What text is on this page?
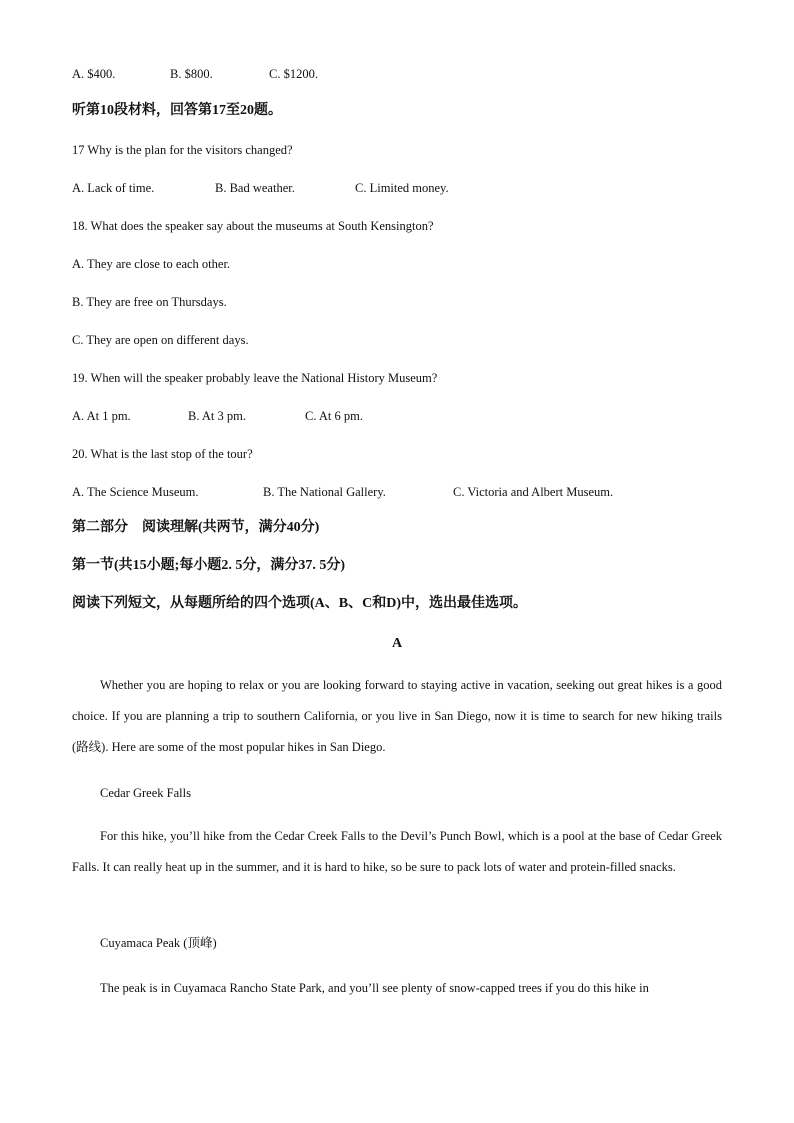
A. $400.	B. $800.	C. $1200.
听第10段材料，回答第17至20题。
17 Why is the plan for the visitors changed?
A. Lack of time.	B. Bad weather.	C. Limited money.
18. What does the speaker say about the museums at South Kensington?
A. They are close to each other.
B. They are free on Thursdays.
C. They are open on different days.
19. When will the speaker probably leave the National History Museum?
A. At 1 pm.	B. At 3 pm.	C. At 6 pm.
20. What is the last stop of the tour?
A. The Science Museum.	B. The National Gallery.	C. Victoria and Albert Museum.
第二部分　阅读理解(共两节，满分40分)
第一节(共15小题;每小题2. 5分，满分37. 5分)
阅读下列短文，从每题所给的四个选项(A、B、C和D)中，选出最佳选项。
A

Whether you are hoping to relax or you are looking forward to staying active in vacation, seeking out great hikes is a good choice. If you are planning a trip to southern California, or you live in San Diego, now it is time to search for new hiking trails (路线). Here are some of the most popular hikes in San Diego.

Cedar Greek Falls

For this hike, you’ll hike from the Cedar Creek Falls to the Devil’s Punch Bowl, which is a pool at the base of Cedar Greek Falls. It can really heat up in the summer, and it is hard to hike, so be sure to pack lots of water and protein-filled snacks.

Cuyamaca Peak (顶峰)

The peak is in Cuyamaca Rancho State Park, and you’ll see plenty of snow-capped trees if you do this hike in
